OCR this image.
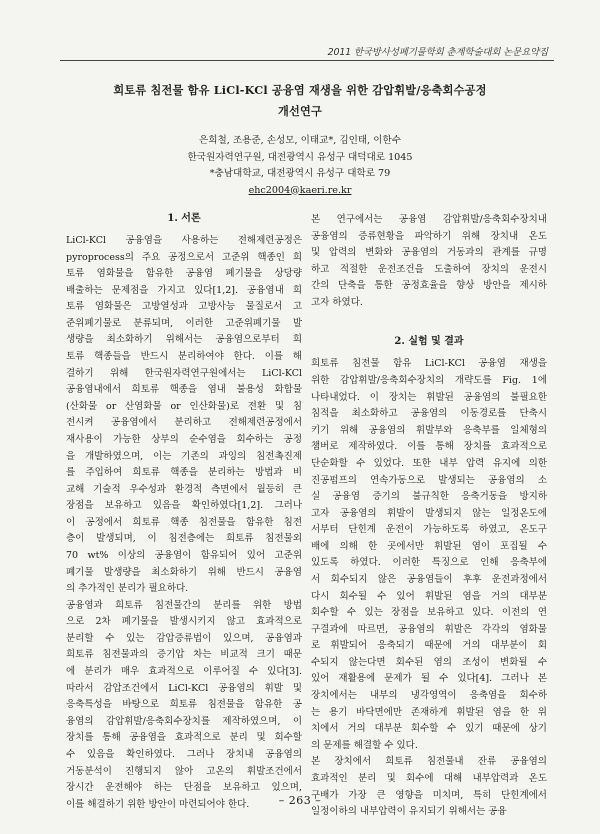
2011 한국방사성폐기물학회 춘계학술대회 논문요약집
희토류 침전물 함유 LiCl-KCl 공융염 재생을 위한 감압휘발/응축회수공정
개선연구
은희철, 조용준, 손성모, 이태교*, 김인태, 이한수
한국원자력연구원, 대전광역시 유성구 대덕대로 1045
*충남대학교, 대전광역시 유성구 대학로 79
ehc2004@kaeri.re.kr
1. 서론
LiCl-KCl 공융염을 사용하는 전해제련공정은
pyroprocess의 주요 공정으로서 고준위 핵종인 희
토류 염화물을 함유한 공융염 폐기물을 상당량
배출하는 문제점을 가지고 있다[1,2]. 공융염내 희
토류 염화물은 고방열성과 고방사능 물질로서 고
준위폐기물로 분류되며, 이러한 고준위폐기물 발
생량을 최소화하기 위해서는 공융염으로부터 희
토류 핵종들을 반드시 분리하여야 한다. 이를 해
결하기 위해 한국원자력연구원에서는 LiCl-KCl
공융염내에서 희토류 핵종을 염내 불용성 화합물
(산화물 or 산염화물 or 인산화물)로 전환 및 침
전시켜 공융염에서 분리하고 전해제련공정에서
재사용이 가능한 상부의 순수염을 회수하는 공정
을 개발하였으며, 이는 기존의 과잉의 침전촉진제
를 주입하여 희토류 핵종을 분리하는 방법과 비
교해 기술적 우수성과 환경적 측면에서 월등히 큰
장점을 보유하고 있음을 확인하였다[1,2]. 그러나
이 공정에서 희토류 핵종 침전물을 함유한 침전
층이 발생되며, 이 침전층에는 희토류 침전물외
70 wt% 이상의 공융염이 함유되어 있어 고준위
폐기물 발생량을 최소화하기 위해 반드시 공융염
의 추가적인 분리가 필요하다.
공융염과 희토류 침전물간의 분리를 위한 방법
으로 2차 폐기물을 발생시키지 않고 효과적으로
분리할 수 있는 감압증류법이 있으며, 공융염과
희토류 침전물과의 증기압 차는 비교적 크기 때문
에 분리가 매우 효과적으로 이루어질 수 있다[3].
따라서 감압조건에서 LiCl-KCl 공융염의 휘발 및
응축특성을 바탕으로 희토류 침전물을 함유한 공
융염의 감압휘발/응축회수장치를 제작하였으며, 이
장치를 통해 공융염을 효과적으로 분리 및 회수할
수 있음을 확인하였다. 그러나 장치내 공융염의
거동분석이 진행되지 않아 고온의 휘발조건에서
장시간 운전해야 하는 단점을 보유하고 있으며,
이를 해결하기 위한 방안이 마련되어야 한다.
본 연구에서는 공융염 감압휘발/응축회수장치내
공융염의 증류현황을 파악하기 위해 장치내 온도
및 압력의 변화와 공융염의 거동과의 관계를 규명
하고 적절한 운전조건을 도출하여 장치의 운전시
간의 단축을 통한 공정효율을 향상 방안을 제시하
고자 하였다.
2. 실험 및 결과
희토류 침전물 함유 LiCl-KCl 공융염 재생을
위한 감압휘발/응축회수장치의 개략도를 Fig. 1에
나타내었다. 이 장치는 휘발된 공융염의 불필요한
침적을 최소화하고 공융염의 이동경로를 단축시
키기 위해 공융염의 휘발부와 응축부를 일체형의
챔버로 제작하였다. 이를 통해 장치를 효과적으로
단순화할 수 있었다. 또한 내부 압력 유지에 의한
진공펌프의 연속가동으로 발생되는 공융염의 소
실 공융염 증기의 불규칙한 응축거동을 방지하
고자 공융염의 휘발이 발생되지 않는 일정온도에
서부터 단힌계 운전이 가능하도록 하였고, 온도구
배에 의해 한 곳에서만 휘발된 염이 포집될 수
있도록 하였다. 이러한 특징으로 인해 응축부에
서 회수되지 않은 공융염들이 후후 운전과정에서
다시 회수될 수 있어 휘발된 염을 거의 대부분
회수할 수 있는 장점을 보유하고 있다. 이전의 연
구결과에 따르면, 공융염의 휘발은 각각의 염화물
로 휘발되어 응축되기 때문에 거의 대부분이 회
수되지 않는다면 회수된 염의 조성이 변화될 수
있어 재활용에 문제가 될 수 있다[4]. 그러나 본
장치에서는 내부의 냉각영역이 응축염을 회수하
는 용기 바닥면에만 존재하게 휘발된 염을 한 위
치에서 거의 대부분 회수할 수 있기 때문에 상기
의 문제를 해결할 수 있다.
본 장치에서 희토류 침전물내 잔류 공융염의
효과적인 분리 및 회수에 대해 내부압력과 온도
구배가 가장 큰 영향을 미치며, 특히 단힌계에서
일정이하의 내부압력이 유지되기 위해서는 공융
– 263 –
